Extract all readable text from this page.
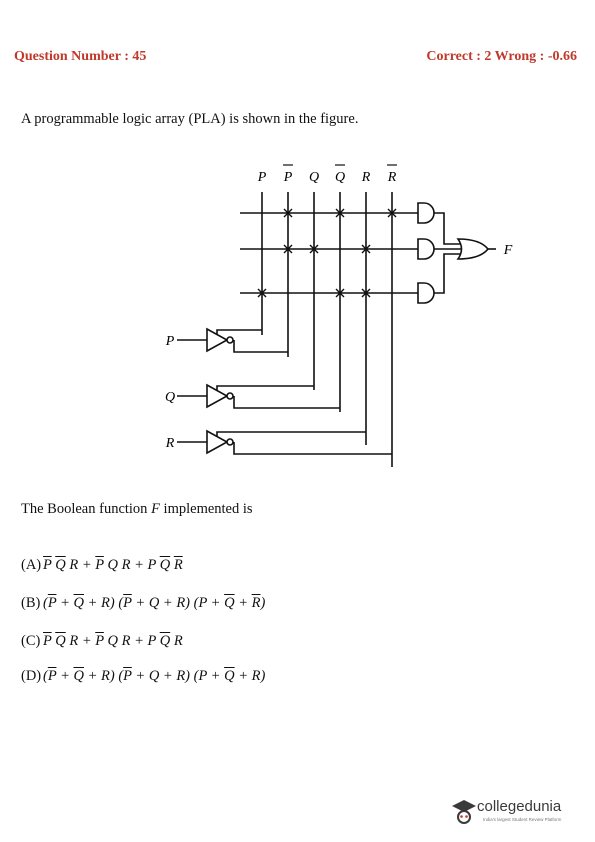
Question Number : 45	Correct : 2 Wrong : -0.66
A programmable logic array (PLA) is shown in the figure.
P P Q Q R R
P
Q
R
F
The Boolean function F implemented is
(A) $\overline{P}$ $\overline{Q}$ $R + \overline{P}$ Q R + P $\overline{Q}$ $\overline{R}$
(B) $(\overline{P} + \overline{Q} + R) (\overline{P} + Q + R) (P + \overline{Q} + \overline{R})$
(C) $\overline{P}$ $\overline{Q}$ $R + \overline{P}$ Q R + P $\overline{Q}$ R
(D) $(\overline{P} + \overline{Q} + R) (\overline{P} + Q + R) (P + \overline{Q} + R)$
collegedunia
India's largest Student Review Platform
